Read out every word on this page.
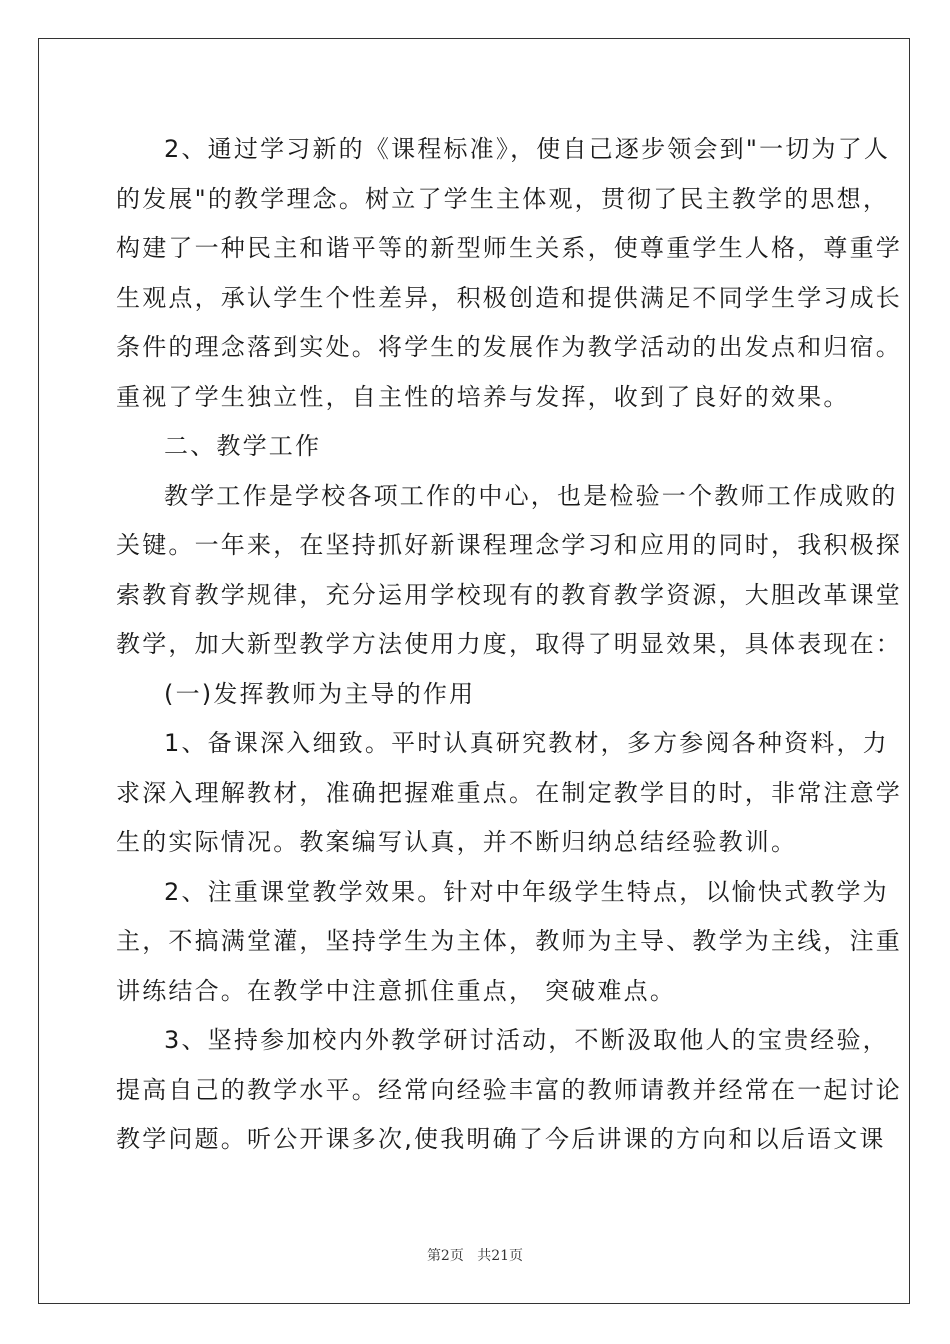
2、通过学习新的《课程标准》，使自己逐步领会到"一切为了人
的发展"的教学理念。树立了学生主体观，贯彻了民主教学的思想，
构建了一种民主和谐平等的新型师生关系，使尊重学生人格，尊重学
生观点，承认学生个性差异，积极创造和提供满足不同学生学习成长
条件的理念落到实处。将学生的发展作为教学活动的出发点和归宿。
重视了学生独立性，自主性的培养与发挥，收到了良好的效果。
二、教学工作
教学工作是学校各项工作的中心，也是检验一个教师工作成败的
关键。一年来，在坚持抓好新课程理念学习和应用的同时，我积极探
索教育教学规律，充分运用学校现有的教育教学资源，大胆改革课堂
教学，加大新型教学方法使用力度，取得了明显效果，具体表现在：
(一)发挥教师为主导的作用
1、备课深入细致。平时认真研究教材，多方参阅各种资料，力
求深入理解教材，准确把握难重点。在制定教学目的时，非常注意学
生的实际情况。教案编写认真，并不断归纳总结经验教训。
2、注重课堂教学效果。针对中年级学生特点，以愉快式教学为
主，不搞满堂灌，坚持学生为主体，教师为主导、教学为主线，注重
讲练结合。在教学中注意抓住重点， 突破难点。
3、坚持参加校内外教学研讨活动，不断汲取他人的宝贵经验，
提高自己的教学水平。经常向经验丰富的教师请教并经常在一起讨论
教学问题。听公开课多次,使我明确了今后讲课的方向和以后语文课
第2页 共21页
